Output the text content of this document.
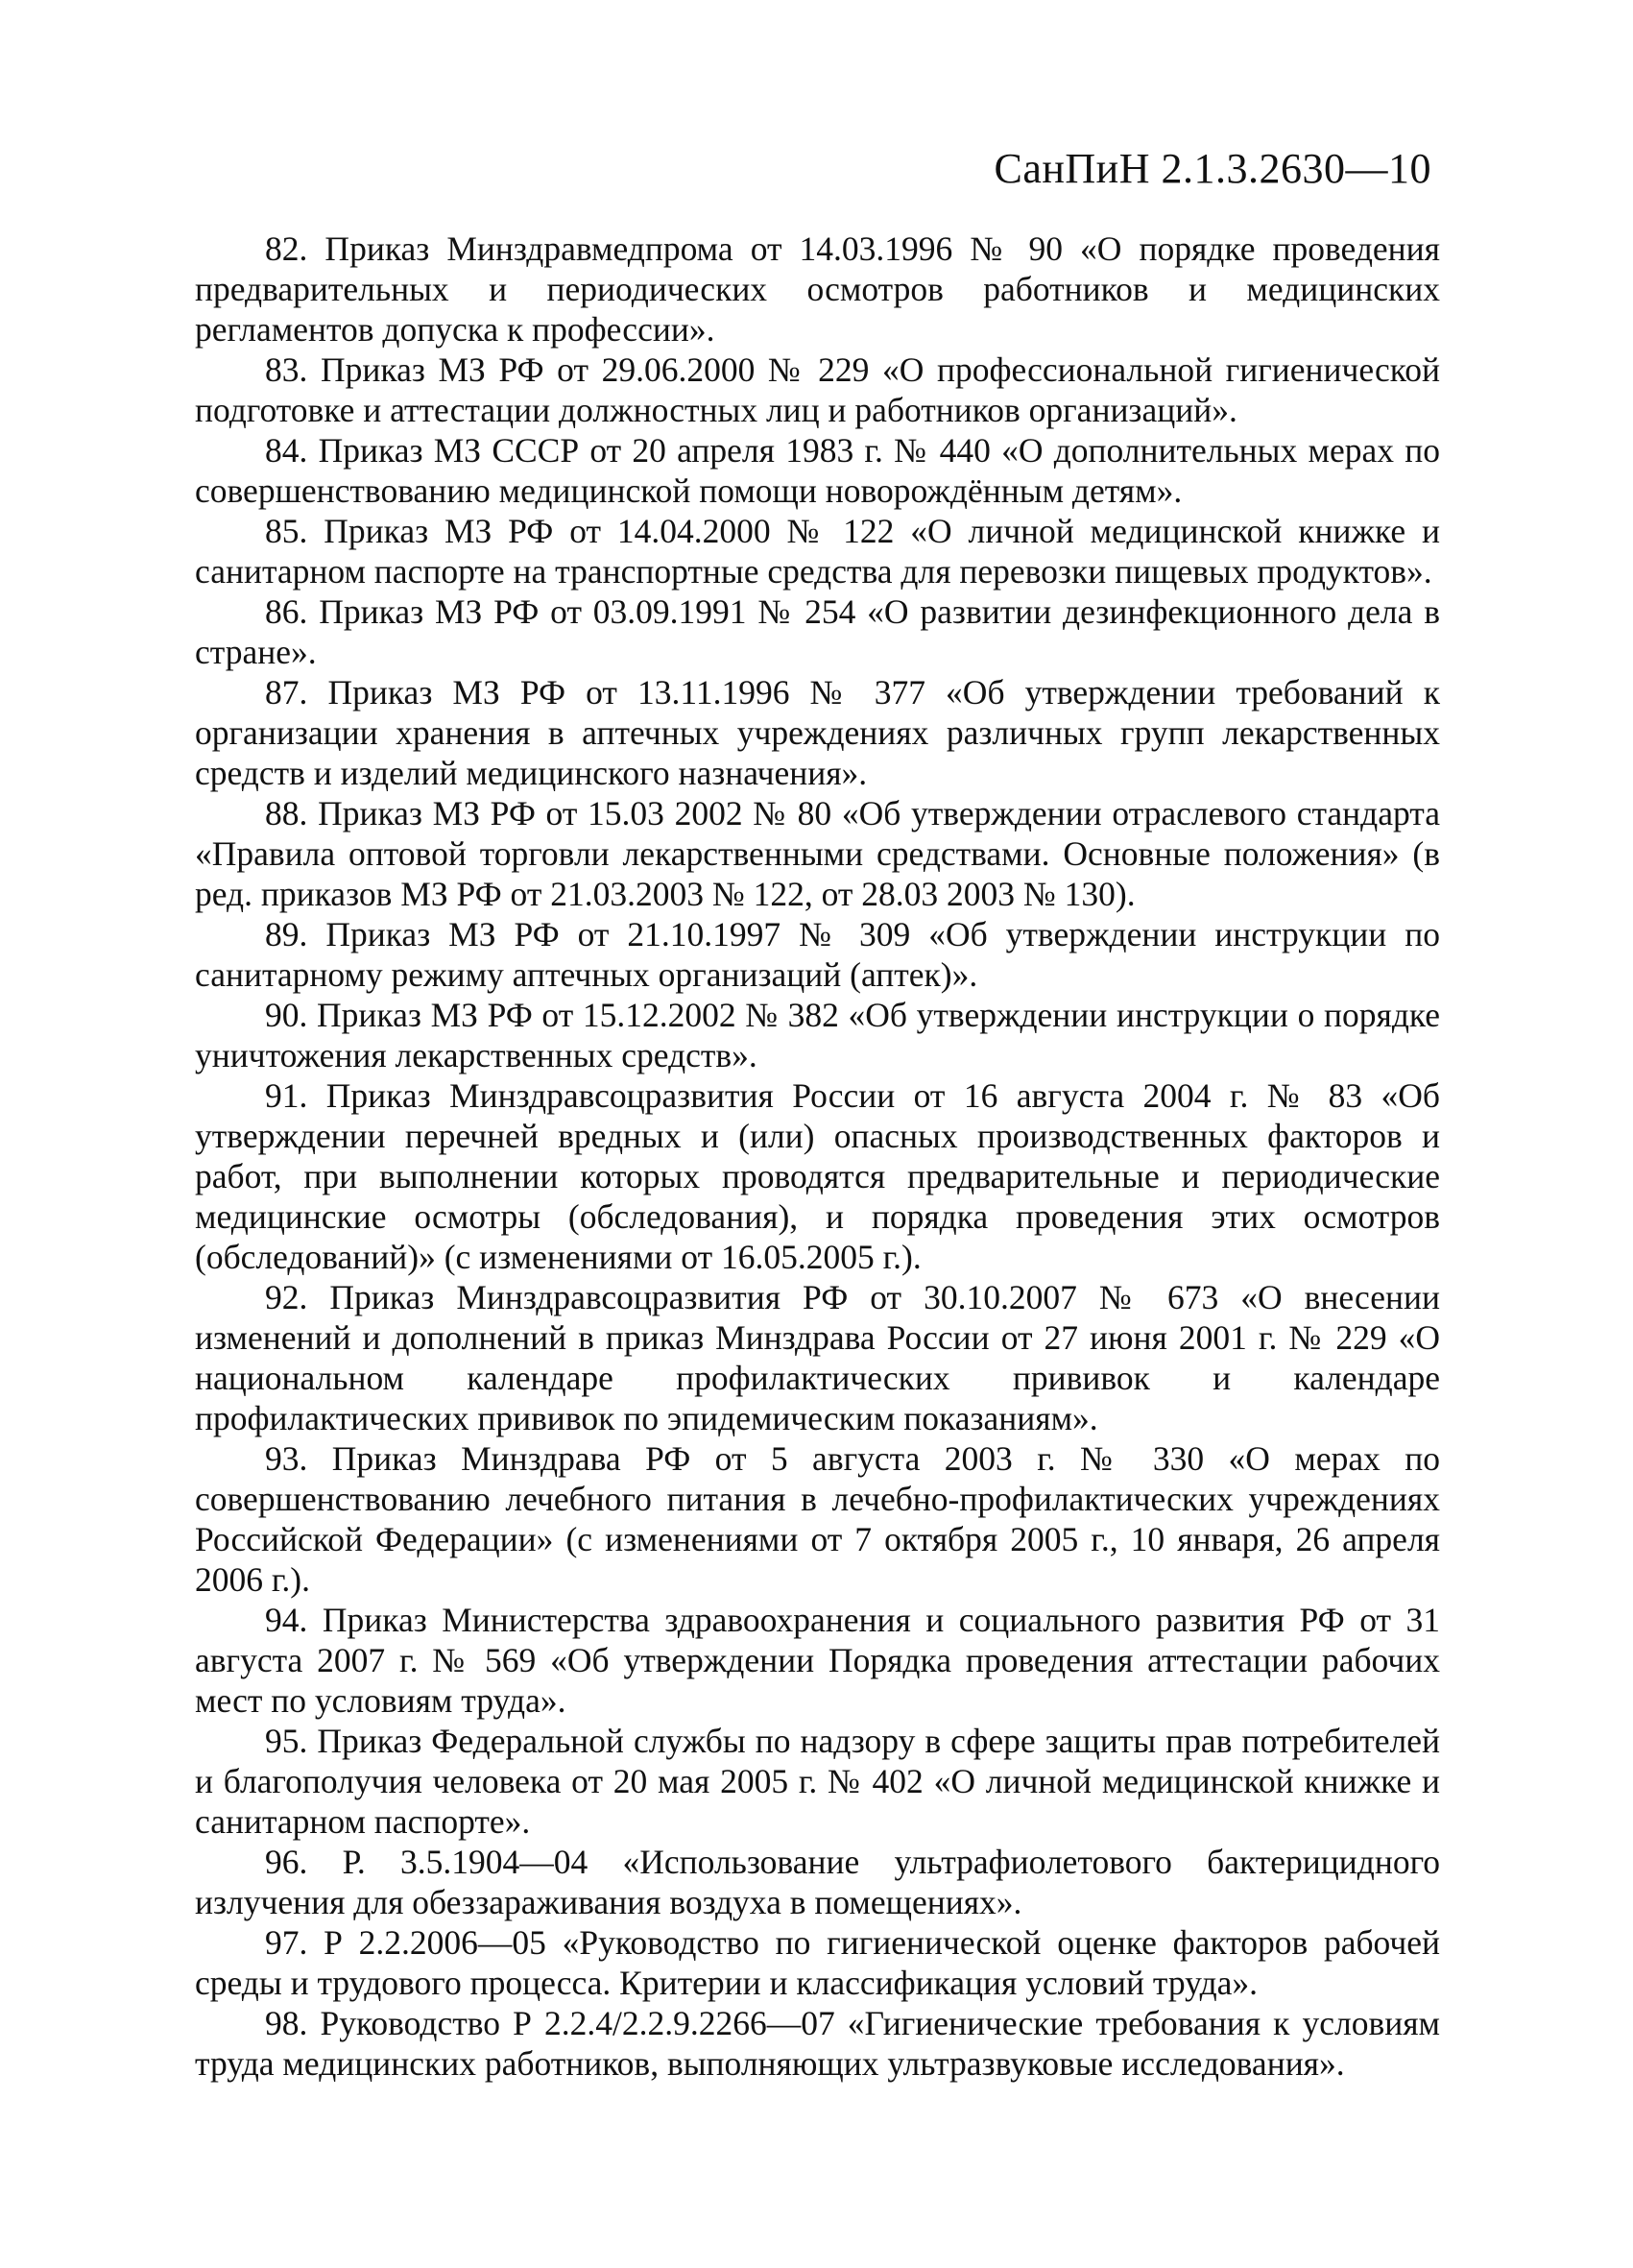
СанПиН 2.1.3.2630—10

82. Приказ Минздравмедпрома от 14.03.1996 № 90 «О порядке проведения предварительных и периодических осмотров работников и медицинских регламентов допуска к профессии».

83. Приказ МЗ РФ от 29.06.2000 № 229 «О профессиональной гигиенической подготовке и аттестации должностных лиц и работников организаций».

84. Приказ МЗ СССР от 20 апреля 1983 г. № 440 «О дополнительных мерах по совершенствованию медицинской помощи новорождённым детям».

85. Приказ МЗ РФ от 14.04.2000 № 122 «О личной медицинской книжке и санитарном паспорте на транспортные средства для перевозки пищевых продуктов».

86. Приказ МЗ РФ от 03.09.1991 № 254 «О развитии дезинфекционного дела в стране».

87. Приказ МЗ РФ от 13.11.1996 № 377 «Об утверждении требований к организации хранения в аптечных учреждениях различных групп лекарственных средств и изделий медицинского назначения».

88. Приказ МЗ РФ от 15.03 2002 № 80 «Об утверждении отраслевого стандарта «Правила оптовой торговли лекарственными средствами. Основные положения» (в ред. приказов МЗ РФ от 21.03.2003 № 122, от 28.03 2003 № 130).

89. Приказ МЗ РФ от 21.10.1997 № 309 «Об утверждении инструкции по санитарному режиму аптечных организаций (аптек)».

90. Приказ МЗ РФ от 15.12.2002 № 382 «Об утверждении инструкции о порядке уничтожения лекарственных средств».

91. Приказ Минздравсоцразвития России от 16 августа 2004 г. № 83 «Об утверждении перечней вредных и (или) опасных производственных факторов и работ, при выполнении которых проводятся предварительные и периодические медицинские осмотры (обследования), и порядка проведения этих осмотров (обследований)» (с изменениями от 16.05.2005 г.).

92. Приказ Минздравсоцразвития РФ от 30.10.2007 № 673 «О внесении изменений и дополнений в приказ Минздрава России от 27 июня 2001 г. № 229 «О национальном календаре профилактических прививок и календаре профилактических прививок по эпидемическим показаниям».

93. Приказ Минздрава РФ от 5 августа 2003 г. № 330 «О мерах по совершенствованию лечебного питания в лечебно-профилактических учреждениях Российской Федерации» (с изменениями от 7 октября 2005 г., 10 января, 26 апреля 2006 г.).

94. Приказ Министерства здравоохранения и социального развития РФ от 31 августа 2007 г. № 569 «Об утверждении Порядка проведения аттестации рабочих мест по условиям труда».

95. Приказ Федеральной службы по надзору в сфере защиты прав потребителей и благополучия человека от 20 мая 2005 г. № 402 «О личной медицинской книжке и санитарном паспорте».

96. Р. 3.5.1904—04 «Использование ультрафиолетового бактерицидного излучения для обеззараживания воздуха в помещениях».

97. Р 2.2.2006—05 «Руководство по гигиенической оценке факторов рабочей среды и трудового процесса. Критерии и классификация условий труда».

98. Руководство Р 2.2.4/2.2.9.2266—07 «Гигиенические требования к условиям труда медицинских работников, выполняющих ультразвуковые исследования».
